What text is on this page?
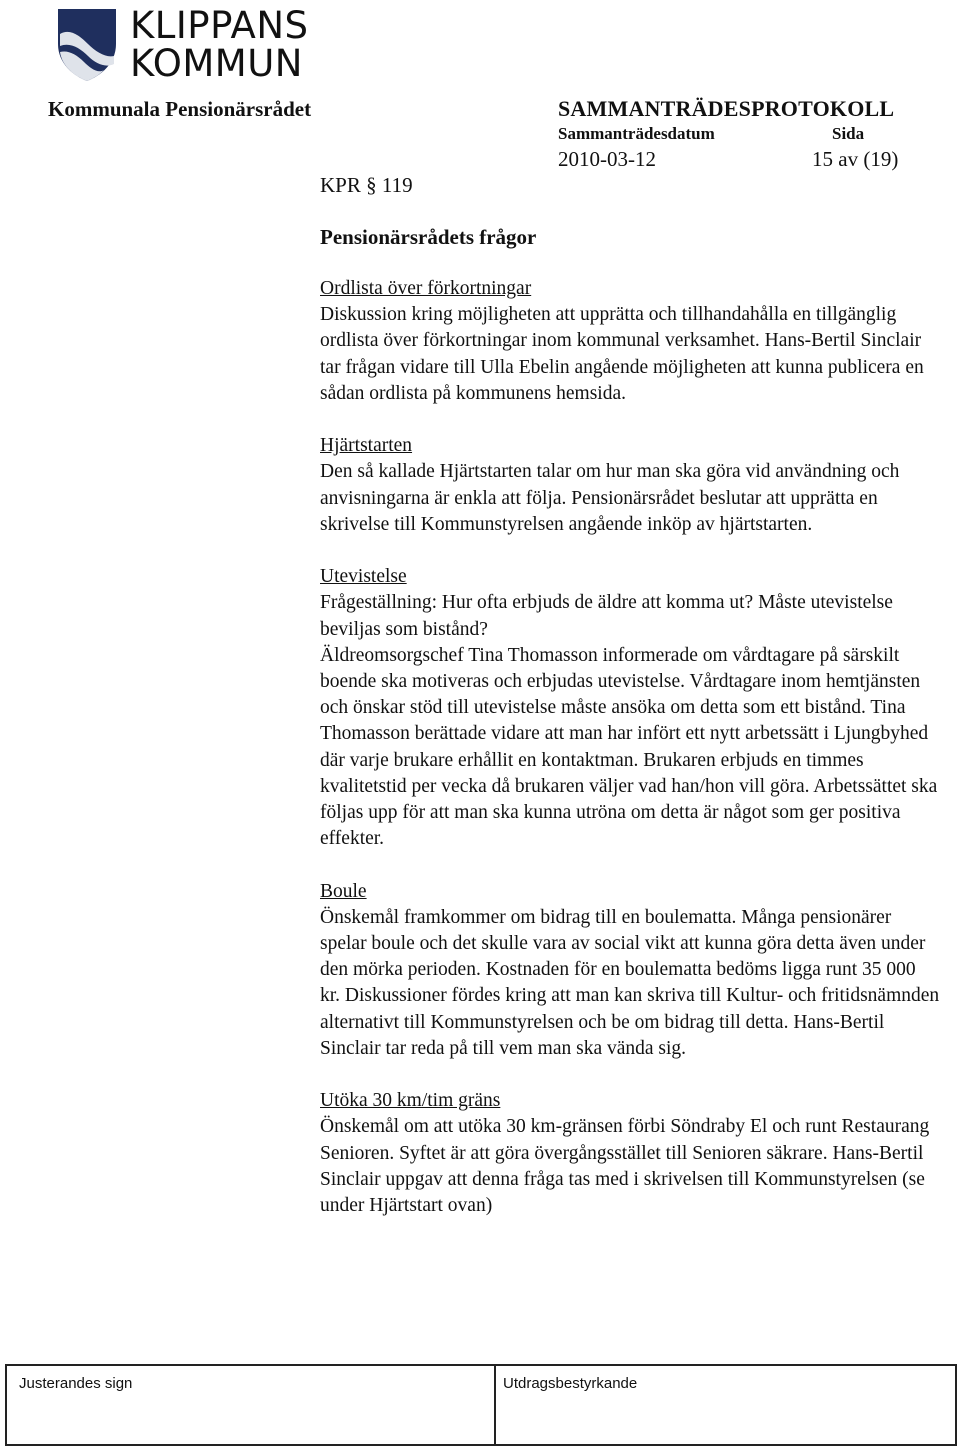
KLIPPANS
KOMMUN
Kommunala Pensionärsrådet	SAMMANTRÄDESPROTOKOLL
Sammanträdesdatum	Sida
2010-03-12	15 av (19)
KPR § 119
Pensionärsrådets frågor
Ordlista över förkortningar

Diskussion kring möjligheten att upprätta och tillhandahålla en tillgänglig ordlista över förkortningar inom kommunal verksamhet. Hans-Bertil Sinclair tar frågan vidare till Ulla Ebelin angående möjligheten att kunna publicera en sådan ordlista på kommunens hemsida.

Hjärtstarten

Den så kallade Hjärtstarten talar om hur man ska göra vid användning och anvisningarna är enkla att följa. Pensionärsrådet beslutar att upprätta en skrivelse till Kommunstyrelsen angående inköp av hjärtstarten.

Utevistelse

Frågeställning: Hur ofta erbjuds de äldre att komma ut? Måste utevistelse beviljas som bistånd?

Äldreomsorgschef Tina Thomasson informerade om vårdtagare på särskilt boende ska motiveras och erbjudas utevistelse. Vårdtagare inom hemtjänsten och önskar stöd till utevistelse måste ansöka om detta som ett bistånd. Tina Thomasson berättade vidare att man har infört ett nytt arbetssätt i Ljungbyhed där varje brukare erhållit en kontaktman. Brukaren erbjuds en timmes kvalitetstid per vecka då brukaren väljer vad han/hon vill göra. Arbetssättet ska följas upp för att man ska kunna utröna om detta är något som ger positiva effekter.

Boule

Önskemål framkommer om bidrag till en boulematta. Många pensionärer spelar boule och det skulle vara av social vikt att kunna göra detta även under den mörka perioden. Kostnaden för en boulematta bedöms ligga runt 35 000 kr. Diskussioner fördes kring att man kan skriva till Kultur- och fritidsnämnden alternativt till Kommunstyrelsen och be om bidrag till detta. Hans-Bertil Sinclair tar reda på till vem man ska vända sig.

Utöka 30 km/tim gräns

Önskemål om att utöka 30 km-gränsen förbi Söndraby El och runt Restaurang Senioren. Syftet är att göra övergångsstället till Senioren säkrare. Hans-Bertil Sinclair uppgav att denna fråga tas med i skrivelsen till Kommunstyrelsen (se under Hjärtstart ovan)

Justerandes sign	Utdragsbestyrkande
